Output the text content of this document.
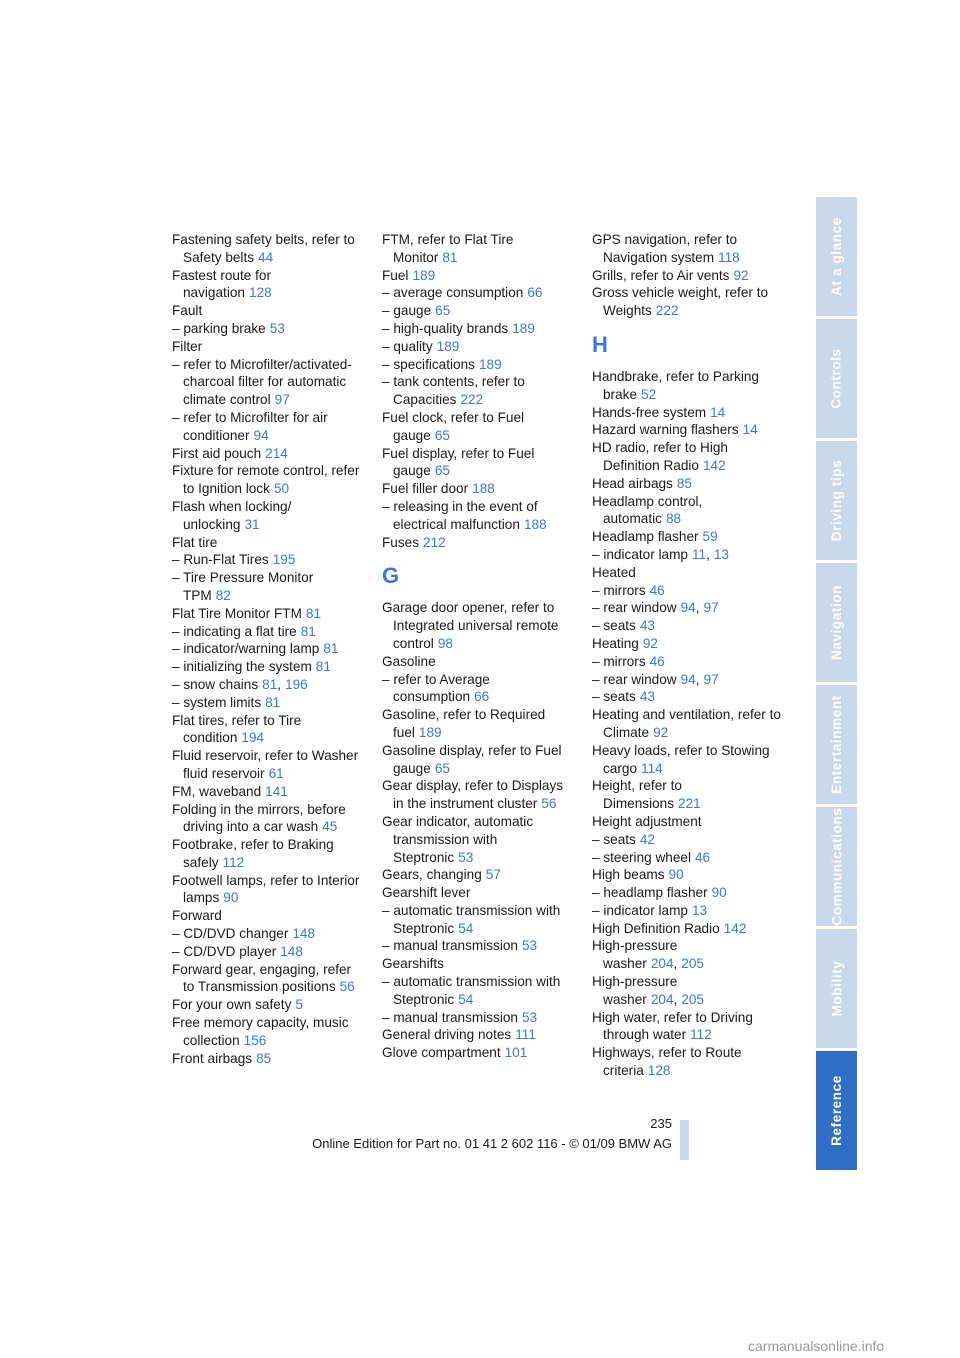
Fastening safety belts, refer to Safety belts 44
Fastest route for navigation 128
Fault
– parking brake 53
Filter
– refer to Microfilter/activated-charcoal filter for automatic climate control 97
– refer to Microfilter for air conditioner 94
First aid pouch 214
Fixture for remote control, refer to Ignition lock 50
Flash when locking/ unlocking 31
Flat tire
– Run-Flat Tires 195
– Tire Pressure Monitor TPM 82
Flat Tire Monitor FTM 81
– indicating a flat tire 81
– indicator/warning lamp 81
– initializing the system 81
– snow chains 81, 196
– system limits 81
Flat tires, refer to Tire condition 194
Fluid reservoir, refer to Washer fluid reservoir 61
FM, waveband 141
Folding in the mirrors, before driving into a car wash 45
Footbrake, refer to Braking safely 112
Footwell lamps, refer to Interior lamps 90
Forward
– CD/DVD changer 148
– CD/DVD player 148
Forward gear, engaging, refer to Transmission positions 56
For your own safety 5
Free memory capacity, music collection 156
Front airbags 85
FTM, refer to Flat Tire Monitor 81
Fuel 189
– average consumption 66
– gauge 65
– high-quality brands 189
– quality 189
– specifications 189
– tank contents, refer to Capacities 222
Fuel clock, refer to Fuel gauge 65
Fuel display, refer to Fuel gauge 65
Fuel filler door 188
– releasing in the event of electrical malfunction 188
Fuses 212
G
Garage door opener, refer to Integrated universal remote control 98
Gasoline
– refer to Average consumption 66
Gasoline, refer to Required fuel 189
Gasoline display, refer to Fuel gauge 65
Gear display, refer to Displays in the instrument cluster 56
Gear indicator, automatic transmission with Steptronic 53
Gears, changing 57
Gearshift lever
– automatic transmission with Steptronic 54
– manual transmission 53
Gearshifts
– automatic transmission with Steptronic 54
– manual transmission 53
General driving notes 111
Glove compartment 101
GPS navigation, refer to Navigation system 118
Grills, refer to Air vents 92
Gross vehicle weight, refer to Weights 222
H
Handbrake, refer to Parking brake 52
Hands-free system 14
Hazard warning flashers 14
HD radio, refer to High Definition Radio 142
Head airbags 85
Headlamp control, automatic 88
Headlamp flasher 59
– indicator lamp 11, 13
Heated
– mirrors 46
– rear window 94, 97
– seats 43
Heating 92
– mirrors 46
– rear window 94, 97
– seats 43
Heating and ventilation, refer to Climate 92
Heavy loads, refer to Stowing cargo 114
Height, refer to Dimensions 221
Height adjustment
– seats 42
– steering wheel 46
High beams 90
– headlamp flasher 90
– indicator lamp 13
High Definition Radio 142
High-pressure washer 204, 205
High-pressure washer 204, 205
High water, refer to Driving through water 112
Highways, refer to Route criteria 128
At a glance
Controls
Driving tips
Navigation
Entertainment
Communications
Mobility
Reference
235
Online Edition for Part no. 01 41 2 602 116 - © 01/09 BMW AG
carmanualsonline.info
